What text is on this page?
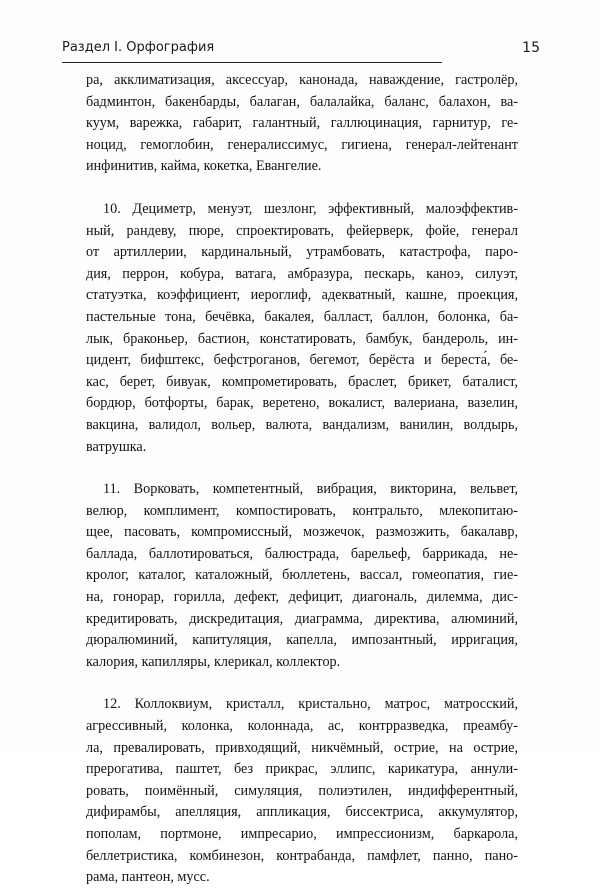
Раздел I. Орфография	15
ра, акклиматизация, аксессуар, канонада, наваждение, гастролёр,
бадминтон, бакенбарды, балаган, балалайка, баланс, балахон, ва-
куум, варежка, габарит, галантный, галлюцинация, гарнитур, ге-
ноцид, гемоглобин, генералиссимус, гигиена, генерал-лейтенант
инфинитив, кайма, кокетка, Евангелие.
10. Дециметр, менуэт, шезлонг, эффективный, малоэффектив-
ный, рандеву, пюре, спроектировать, фейерверк, фойе, генерал
от артиллерии, кардинальный, утрамбовать, катастрофа, паро-
дия, перрон, кобура, ватага, амбразура, пескарь, каноэ, силуэт,
статуэтка, коэффициент, иероглиф, адекватный, кашне, проекция,
пастельные тона, бечёвка, бакалея, балласт, баллон, болонка, ба-
лык, браконьер, бастион, констатировать, бамбук, бандероль, ин-
цидент, бифштекс, бефстроганов, бегемот, берёста и береста́, бе-
кас, берет, бивуак, компрометировать, браслет, брикет, баталист,
бордюр, ботфорты, барак, веретено, вокалист, валериана, вазелин,
вакцина, валидол, вольер, валюта, вандализм, ванилин, волдырь,
ватрушка.
11. Ворковать, компетентный, вибрация, викторина, вельвет,
велюр, комплимент, компостировать, контральто, млекопитаю-
щее, пасовать, компромиссный, мозжечок, размозжить, бакалавр,
баллада, баллотироваться, балюстрада, барельеф, баррикада, не-
кролог, каталог, каталожный, бюллетень, вассал, гомеопатия, гие-
на, гонорар, горилла, дефект, дефицит, диагональ, дилемма, дис-
кредитировать, дискредитация, диаграмма, директива, алюминий,
дюралюминий, капитуляция, капелла, импозантный, ирригация,
калория, капилляры, клерикал, коллектор.
12. Коллоквиум, кристалл, кристально, матрос, матросский,
агрессивный, колонка, колоннада, ас, контрразведка, преамбу-
ла, превалировать, привходящий, никчёмный, острие, на острие,
прерогатива, паштет, без прикрас, эллипс, карикатура, аннули-
ровать, поимённый, симуляция, полиэтилен, индифферентный,
дифирамбы, апелляция, аппликация, биссектриса, аккумулятор,
пополам, портмоне, импресарио, импрессионизм, баркарола,
беллетристика, комбинезон, контрабанда, памфлет, панно, пано-
рама, пантеон, мусс.
